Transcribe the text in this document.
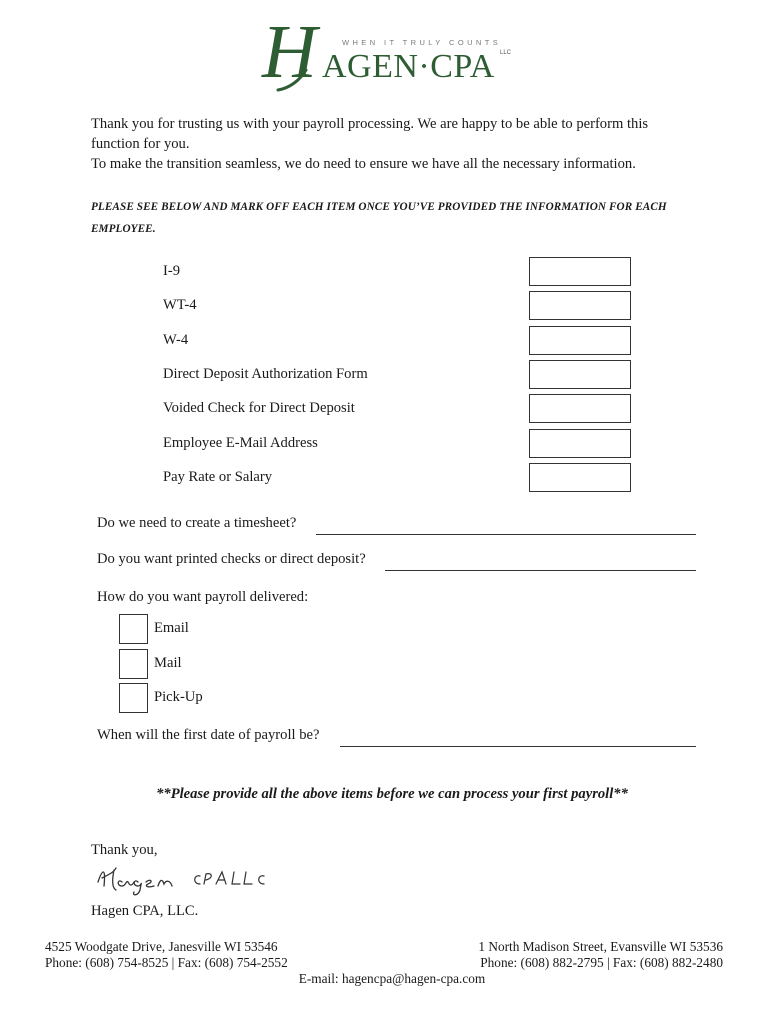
H	WHEN IT TRULY COUNTS
AGEN·CPA LLC
Thank you for trusting us with your payroll processing. We are happy to be able to perform this
function for you.
To make the transition seamless, we do need to ensure we have all the necessary information.
PLEASE SEE BELOW AND MARK OFF EACH ITEM ONCE YOU’VE PROVIDED THE INFORMATION FOR EACH EMPLOYEE.
I-9
WT-4
W-4
Direct Deposit Authorization Form
Voided Check for Direct Deposit
Employee E-Mail Address
Pay Rate or Salary
Do we need to create a timesheet?
Do you want printed checks or direct deposit?
How do you want payroll delivered:
Email
Mail
Pick-Up
When will the first date of payroll be?
**Please provide all the above items before we can process your first payroll**
Thank you,
Hagen CPA, LLC.
4525 Woodgate Drive, Janesville WI 53546
Phone: (608) 754-8525 | Fax: (608) 754-2552
1 North Madison Street, Evansville WI 53536
Phone: (608) 882-2795 | Fax: (608) 882-2480
E-mail: hagencpa@hagen-cpa.com
